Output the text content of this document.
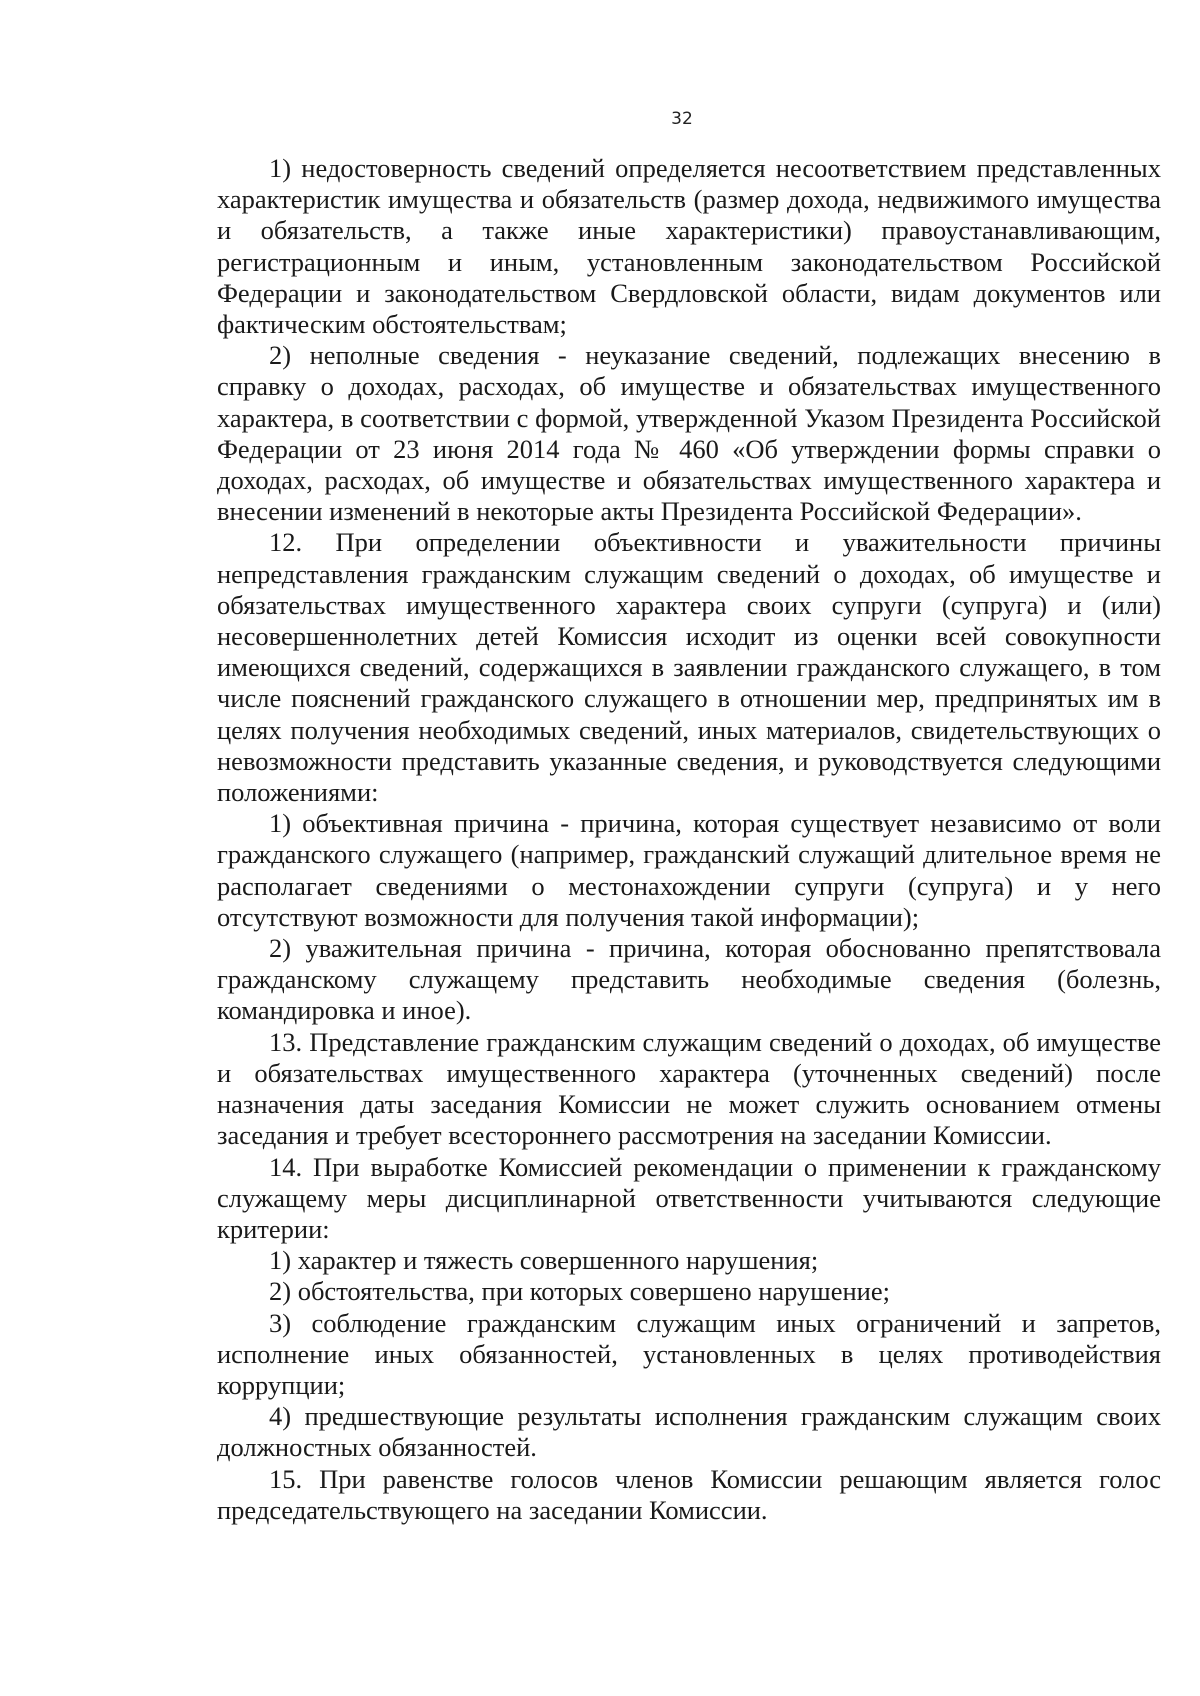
32

1) недостоверность сведений определяется несоответствием представленных характеристик имущества и обязательств (размер дохода, недвижимого имущества и обязательств, а также иные характеристики) правоустанавливающим, регистрационным и иным, установленным законодательством Российской Федерации и законодательством Свердловской области, видам документов или фактическим обстоятельствам;

2) неполные сведения - неуказание сведений, подлежащих внесению в справку о доходах, расходах, об имуществе и обязательствах имущественного характера, в соответствии с формой, утвержденной Указом Президента Российской Федерации от 23 июня 2014 года № 460 «Об утверждении формы справки о доходах, расходах, об имуществе и обязательствах имущественного характера и внесении изменений в некоторые акты Президента Российской Федерации».

12. При определении объективности и уважительности причины непредставления гражданским служащим сведений о доходах, об имуществе и обязательствах имущественного характера своих супруги (супруга) и (или) несовершеннолетних детей Комиссия исходит из оценки всей совокупности имеющихся сведений, содержащихся в заявлении гражданского служащего, в том числе пояснений гражданского служащего в отношении мер, предпринятых им в целях получения необходимых сведений, иных материалов, свидетельствующих о невозможности представить указанные сведения, и руководствуется следующими положениями:

1) объективная причина - причина, которая существует независимо от воли гражданского служащего (например, гражданский служащий длительное время не располагает сведениями о местонахождении супруги (супруга) и у него отсутствуют возможности для получения такой информации);

2) уважительная причина - причина, которая обоснованно препятствовала гражданскому служащему представить необходимые сведения (болезнь, командировка и иное).

13. Представление гражданским служащим сведений о доходах, об имуществе и обязательствах имущественного характера (уточненных сведений) после назначения даты заседания Комиссии не может служить основанием отмены заседания и требует всестороннего рассмотрения на заседании Комиссии.

14. При выработке Комиссией рекомендации о применении к гражданскому служащему меры дисциплинарной ответственности учитываются следующие критерии:

1) характер и тяжесть совершенного нарушения;

2) обстоятельства, при которых совершено нарушение;

3) соблюдение гражданским служащим иных ограничений и запретов, исполнение иных обязанностей, установленных в целях противодействия коррупции;

4) предшествующие результаты исполнения гражданским служащим своих должностных обязанностей.

15. При равенстве голосов членов Комиссии решающим является голос председательствующего на заседании Комиссии.
